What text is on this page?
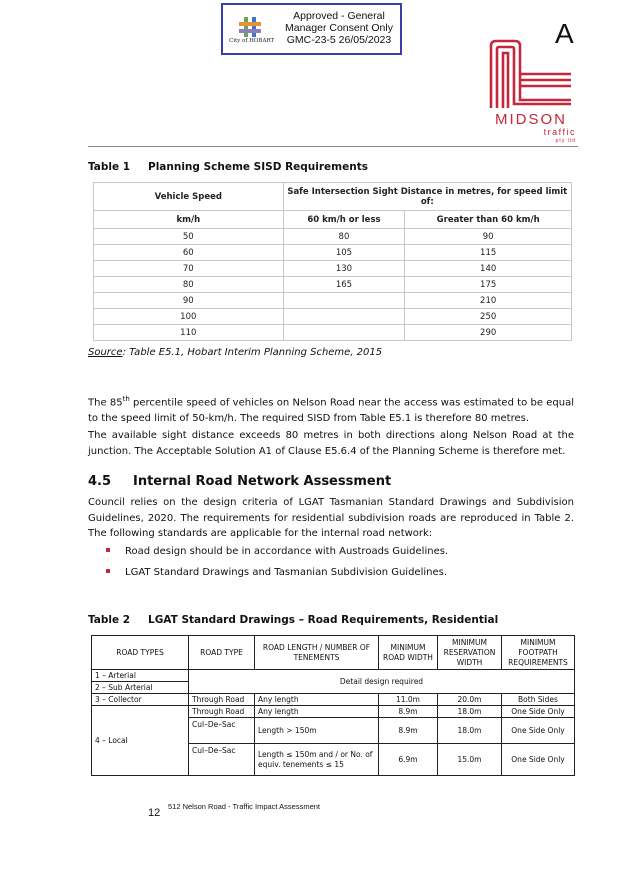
City of HOBART
Approved - General
Manager Consent Only
GMC-23-5 26/05/2023	A
MIDSON
traffic
pty ltd
Table 1 Planning Scheme SISD Requirements
Vehicle Speed	Safe Intersection Sight Distance in metres, for speed limit of:	
km/h	60 km/h or less	Greater than 60 km/h
50	80	90
60	105	115
70	130	140
80	165	175
90		210
100		250
110		290
Source: Table E5.1, Hobart Interim Planning Scheme, 2015
The 85th percentile speed of vehicles on Nelson Road near the access was estimated to be equal to the speed limit of 50-km/h. The required SISD from Table E5.1 is therefore 80 metres.
The available sight distance exceeds 80 metres in both directions along Nelson Road at the junction. The Acceptable Solution A1 of Clause E5.6.4 of the Planning Scheme is therefore met.
4.5 Internal Road Network Assessment
Council relies on the design criteria of LGAT Tasmanian Standard Drawings and Subdivision Guidelines, 2020. The requirements for residential subdivision roads are reproduced in Table 2. The following standards are applicable for the internal road network:
Road design should be in accordance with Austroads Guidelines.
LGAT Standard Drawings and Tasmanian Subdivision Guidelines.
Table 2 LGAT Standard Drawings – Road Requirements, Residential
ROAD TYPES	ROAD TYPE	ROAD LENGTH / NUMBER OF TENEMENTS	MINIMUM ROAD WIDTH	MINIMUM RESERVATION WIDTH	MINIMUM FOOTPATH REQUIREMENTS
1 – Arterial	Detail design required				
2 – Sub Arterial					
3 – Collector	Through Road	Any length	11.0m	20.0m	Both Sides
4 – Local	Through Road	Any length	8.9m	18.0m	One Side Only
	Cul–De–Sac	Length > 150m	8.9m	18.0m	One Side Only
	Cul–De–Sac	Length ≤ 150m and / or No. of equiv. tenements ≤ 15	6.9m	15.0m	One Side Only
12
512 Nelson Road - Traffic Impact Assessment
